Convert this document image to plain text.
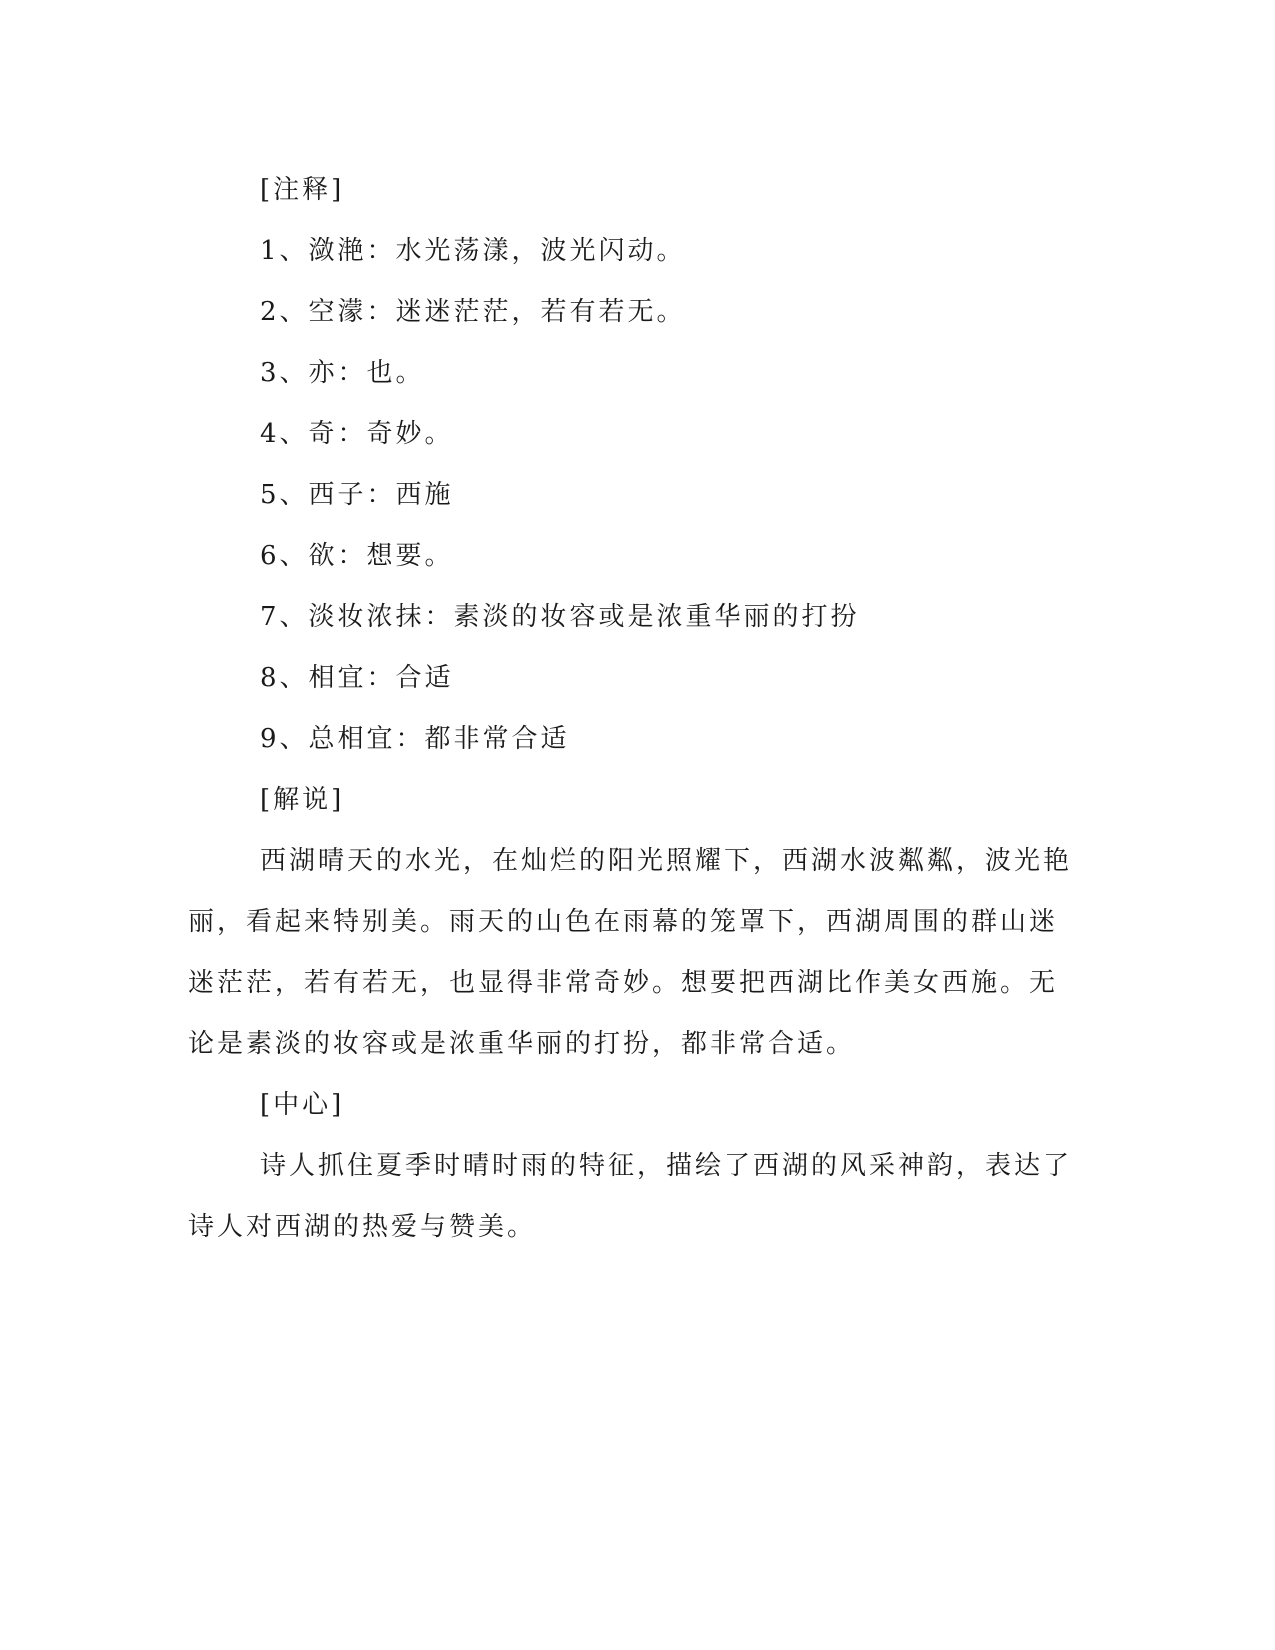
[注释]

1、潋滟：水光荡漾，波光闪动。

2、空濛：迷迷茫茫，若有若无。

3、亦：也。

4、奇：奇妙。

5、西子：西施

6、欲：想要。

7、淡妆浓抹：素淡的妆容或是浓重华丽的打扮

8、相宜：合适

9、总相宜：都非常合适

[解说]

西湖晴天的水光，在灿烂的阳光照耀下，西湖水波粼粼，波光艳丽，看起来特别美。雨天的山色在雨幕的笼罩下，西湖周围的群山迷迷茫茫，若有若无，也显得非常奇妙。想要把西湖比作美女西施。无论是素淡的妆容或是浓重华丽的打扮，都非常合适。

[中心]

诗人抓住夏季时晴时雨的特征，描绘了西湖的风采神韵，表达了诗人对西湖的热爱与赞美。
